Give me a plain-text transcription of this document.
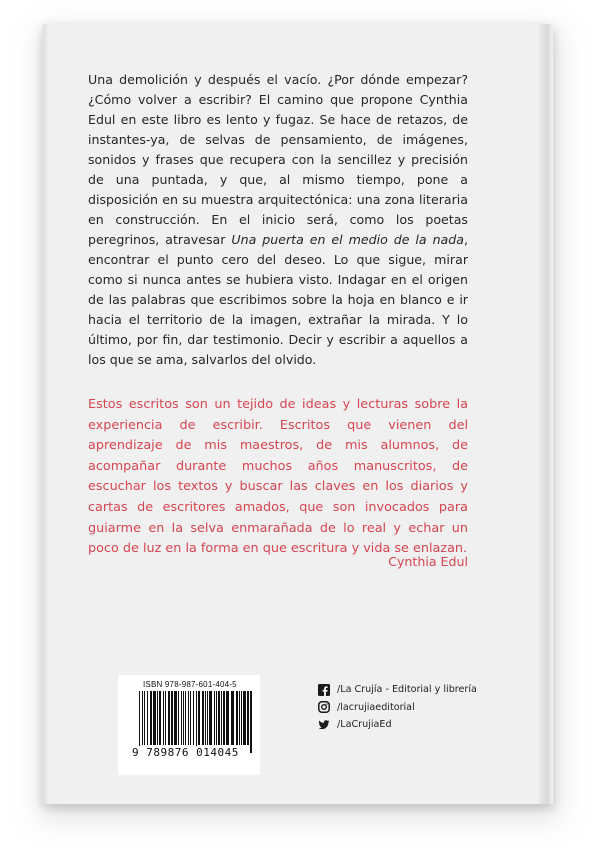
Una demolición y después el vacío. ¿Por dónde empezar? ¿Cómo volver a escribir? El camino que propone Cynthia Edul en este libro es lento y fugaz. Se hace de retazos, de instantes-ya, de selvas de pensamiento, de imágenes, sonidos y frases que recupera con la sencillez y precisión de una puntada, y que, al mismo tiempo, pone a disposición en su muestra arquitectónica: una zona literaria en construcción. En el inicio será, como los poetas peregrinos, atravesar Una puerta en el medio de la nada, encontrar el punto cero del deseo. Lo que sigue, mirar como si nunca antes se hubiera visto. Indagar en el origen de las palabras que escribimos sobre la hoja en blanco e ir hacia el territorio de la imagen, extrañar la mirada. Y lo último, por fin, dar testimonio. Decir y escribir a aquellos a los que se ama, salvarlos del olvido.

Estos escritos son un tejido de ideas y lecturas sobre la experiencia de escribir. Escritos que vienen del aprendizaje de mis maestros, de mis alumnos, de acompañar durante muchos años manuscritos, de escuchar los textos y buscar las claves en los diarios y cartas de escritores amados, que son invocados para guiarme en la selva enmarañada de lo real y echar un poco de luz en la forma en que escritura y vida se enlazan.

Cynthia Edul
ISBN 978-987-601-404-5
9 789876 014045
/La Crujía - Editorial y librería
/lacrujiaeditorial
/LaCrujiaEd
